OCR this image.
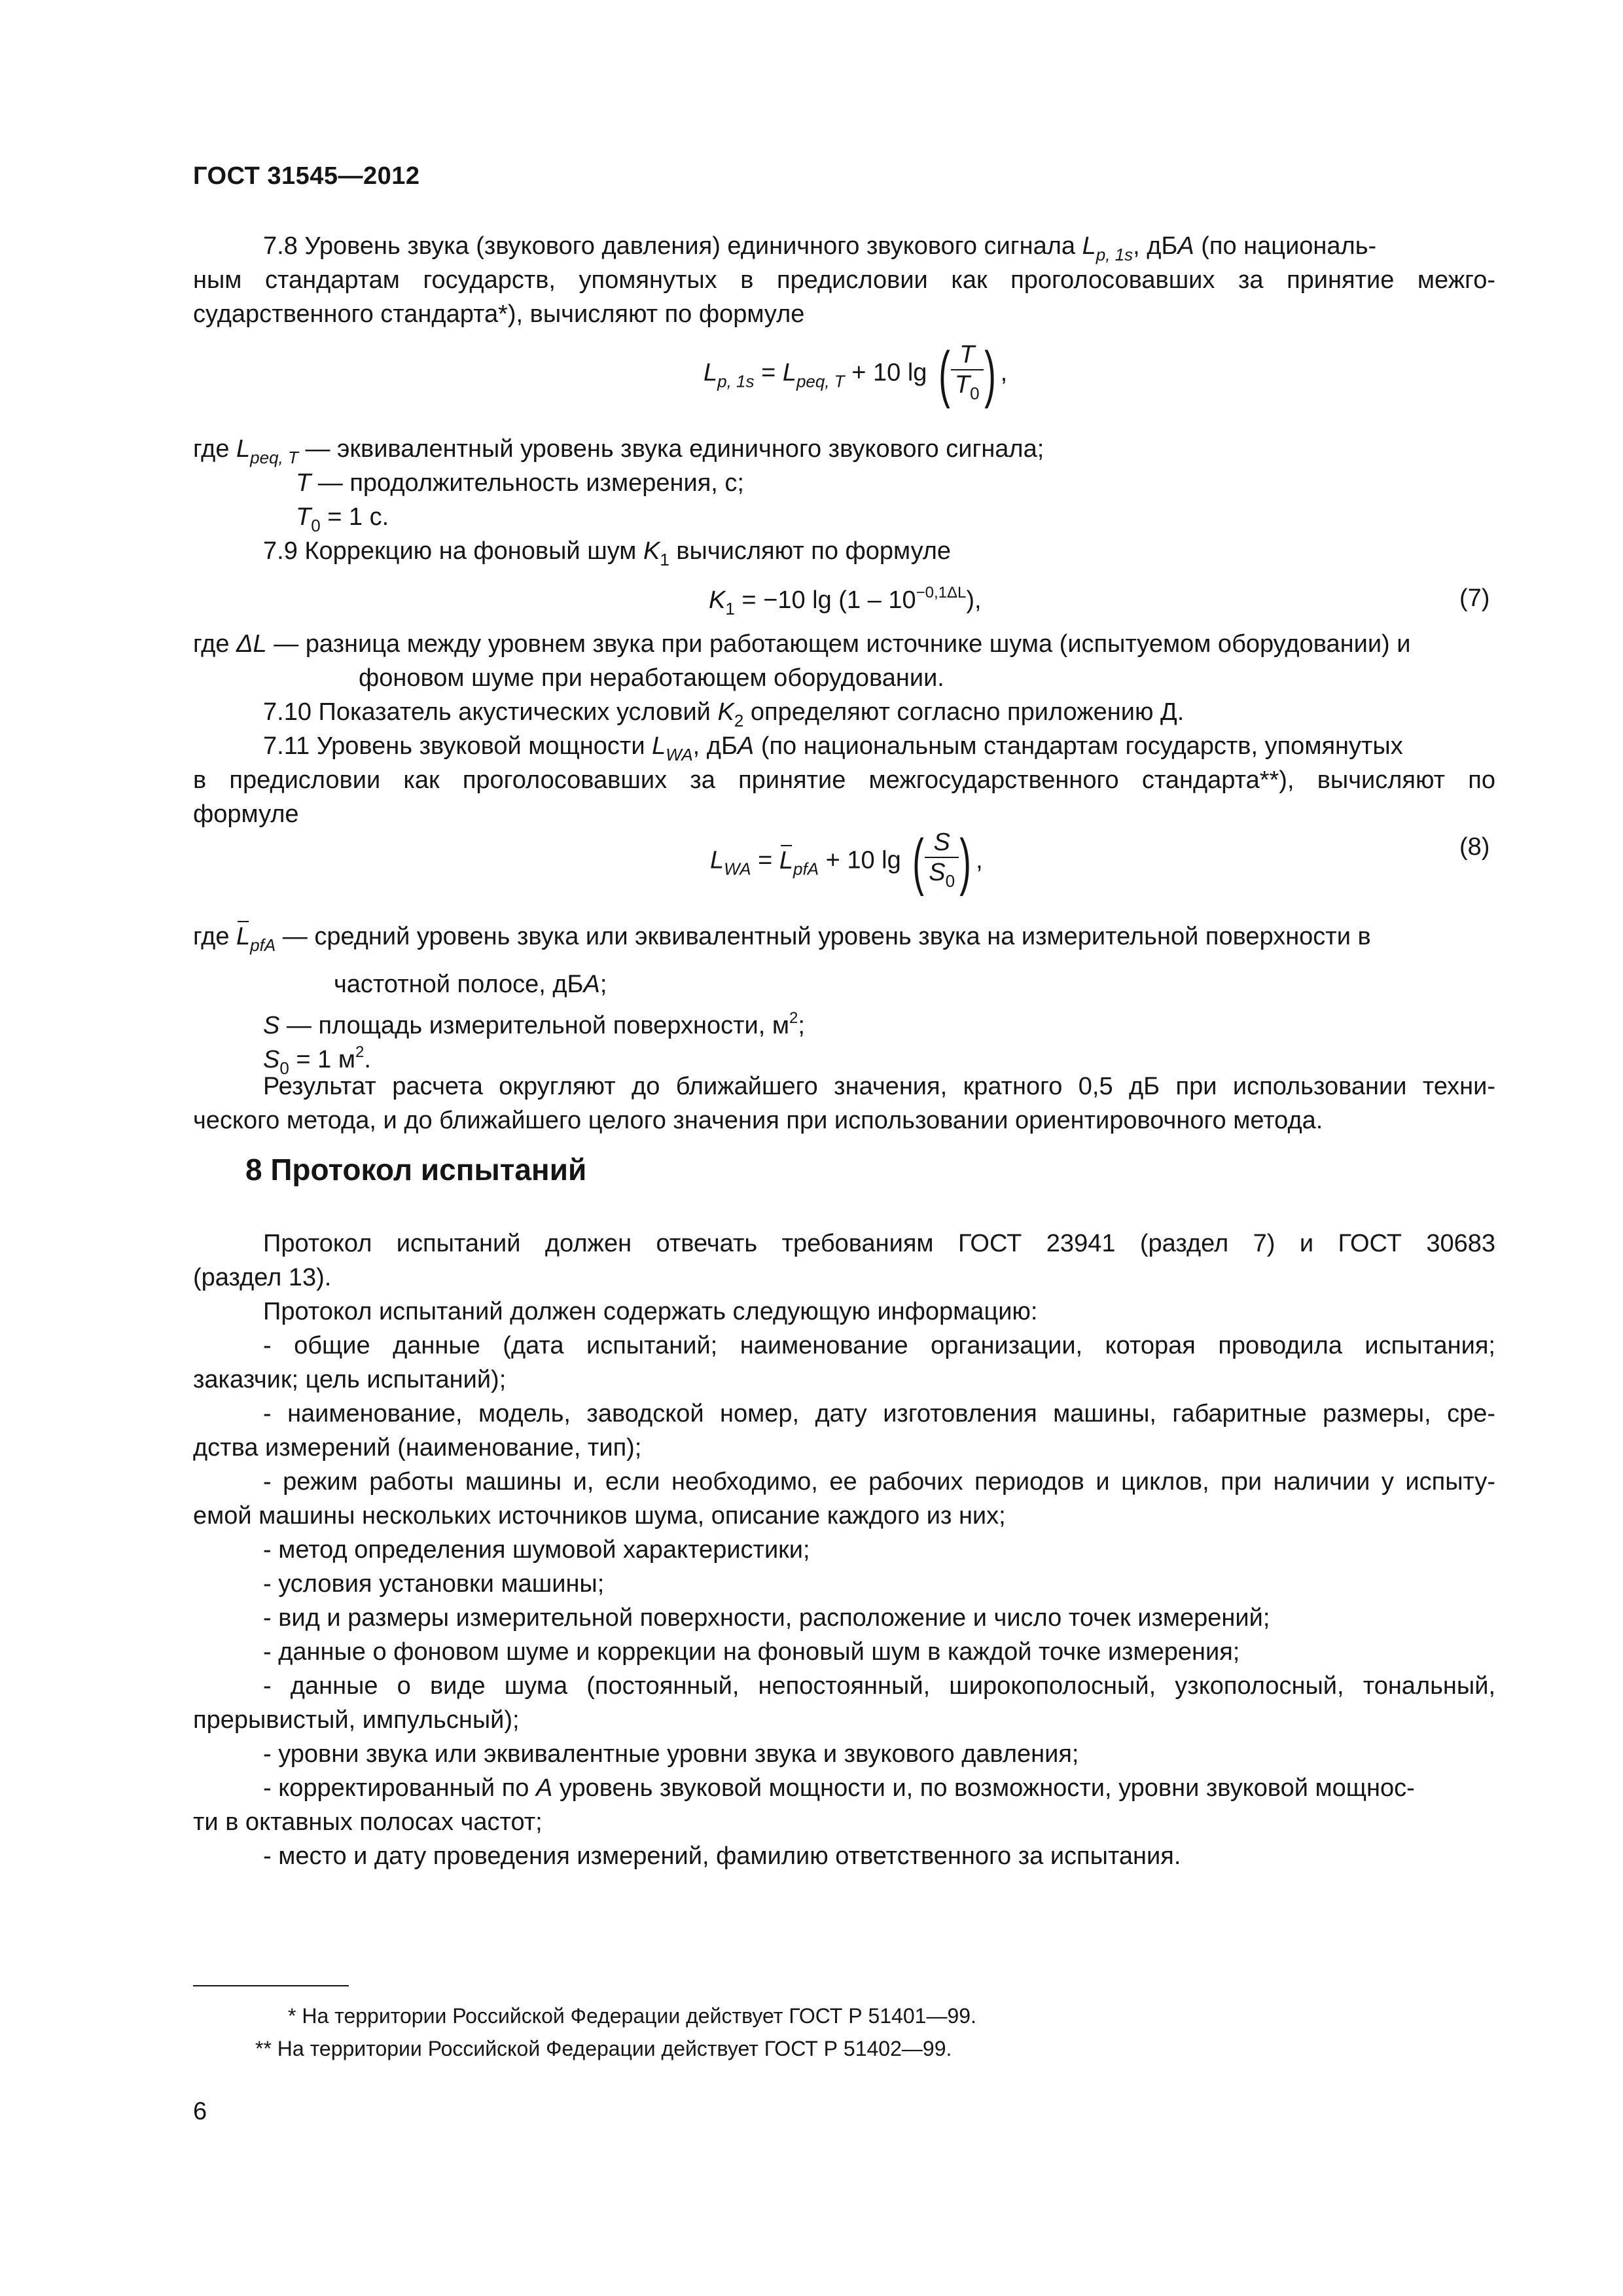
ГОСТ 31545—2012
7.8 Уровень звука (звукового давления) единичного звукового сигнала $L_{p, 1s}$, дБA (по националь-
ным стандартам государств, упомянутых в предисловии как проголосовавших за принятие межго-
сударственного стандарта*), вычисляют по формуле
$L_{p, 1s} = L_{peq, T} + 10$ lg ( $\frac{T}{T_0}$ ) ,
где $L_{peq, T}$ — эквивалентный уровень звука единичного звукового сигнала;
T — продолжительность измерения, с;
$T_0 = 1$ с.
7.9 Коррекцию на фоновый шум $K_1$ вычисляют по формуле
$K_1 = -10$ $\lg (1 - 10^{-0,1\Delta L})$,	(7)
где ΔL — разница между уровнем звука при работающем источнике шума (испытуемом оборудовании) и
фоновом шуме при неработающем оборудовании.
7.10 Показатель акустических условий $K_2$ определяют согласно приложению Д.
7.11 Уровень звуковой мощности $L_{WA}$, дБA (по национальным стандартам государств, упомянутых
в предисловии как проголосовавших за принятие межгосударственного стандарта**), вычисляют по
формуле
$L_{WA} = L_{pfA} + 10$ lg ( $\frac{S}{S_0}$ ) ,	(8)
где $L_{pfA}$ — средний уровень звука или эквивалентный уровень звука на измерительной поверхности в
частотной полосе, дБA;
S — площадь измерительной поверхности, $м^2$;
$S_0 = 1$ $м^2$.
Результат расчета округляют до ближайшего значения, кратного 0,5 дБ при использовании техни-
ческого метода, и до ближайшего целого значения при использовании ориентировочного метода.
8 Протокол испытаний
Протокол испытаний должен отвечать требованиям ГОСТ 23941 (раздел 7) и ГОСТ 30683
(раздел 13).
Протокол испытаний должен содержать следующую информацию:
- общие данные (дата испытаний; наименование организации, которая проводила испытания;
заказчик; цель испытаний);
- наименование, модель, заводской номер, дату изготовления машины, габаритные размеры, сре-
дства измерений (наименование, тип);
- режим работы машины и, если необходимо, ее рабочих периодов и циклов, при наличии у испыту-
емой машины нескольких источников шума, описание каждого из них;
- метод определения шумовой характеристики;
- условия установки машины;
- вид и размеры измерительной поверхности, расположение и число точек измерений;
- данные о фоновом шуме и коррекции на фоновый шум в каждой точке измерения;
- данные о виде шума (постоянный, непостоянный, широкополосный, узкополосный, тональный,
прерывистый, импульсный);
- уровни звука или эквивалентные уровни звука и звукового давления;
- корректированный по A уровень звуковой мощности и, по возможности, уровни звуковой мощнос-
ти в октавных полосах частот;
- место и дату проведения измерений, фамилию ответственного за испытания.
* На территории Российской Федерации действует ГОСТ Р 51401—99.
** На территории Российской Федерации действует ГОСТ Р 51402—99.
6
